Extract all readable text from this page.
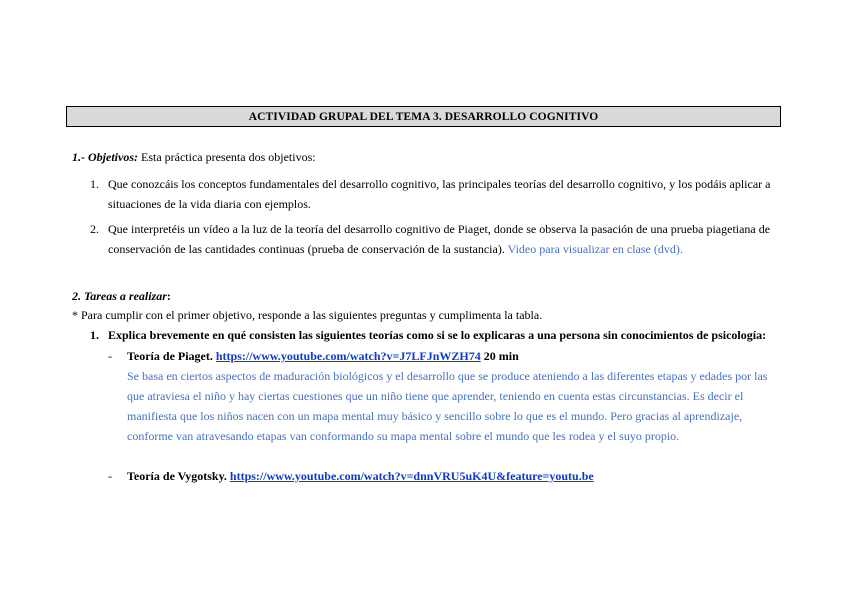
ACTIVIDAD GRUPAL DEL TEMA 3. DESARROLLO COGNITIVO
1.- Objetivos: Esta práctica presenta dos objetivos:
1. Que conozcáis los conceptos fundamentales del desarrollo cognitivo, las principales teorías del desarrollo cognitivo, y los podáis aplicar a
situaciones de la vida diaria con ejemplos.
2. Que interpretéis un vídeo a la luz de la teoría del desarrollo cognitivo de Piaget, donde se observa la pasación de una prueba piagetiana de
conservación de las cantidades continuas (prueba de conservación de la sustancia). Video para visualizar en clase (dvd).
2. Tareas a realizar:
* Para cumplir con el primer objetivo, responde a las siguientes preguntas y cumplimenta la tabla.
1. Explica brevemente en qué consisten las siguientes teorías como si se lo explicaras a una persona sin conocimientos de psicología:
- Teoría de Piaget. https://www.youtube.com/watch?v=J7LFJnWZH74 20 min
Se basa en ciertos aspectos de maduración biológicos y el desarrollo que se produce ateniendo a las diferentes etapas y edades por las
que atraviesa el niño y hay ciertas cuestiones que un niño tiene que aprender, teniendo en cuenta estas circunstancias. Es decir el
manifiesta que los niños nacen con un mapa mental muy básico y sencillo sobre lo que es el mundo. Pero gracias al aprendizaje,
conforme van atravesando etapas van conformando su mapa mental sobre el mundo que les rodea y el suyo propio.
- Teoría de Vygotsky. https://www.youtube.com/watch?v=dnnVRU5uK4U&feature=youtu.be
